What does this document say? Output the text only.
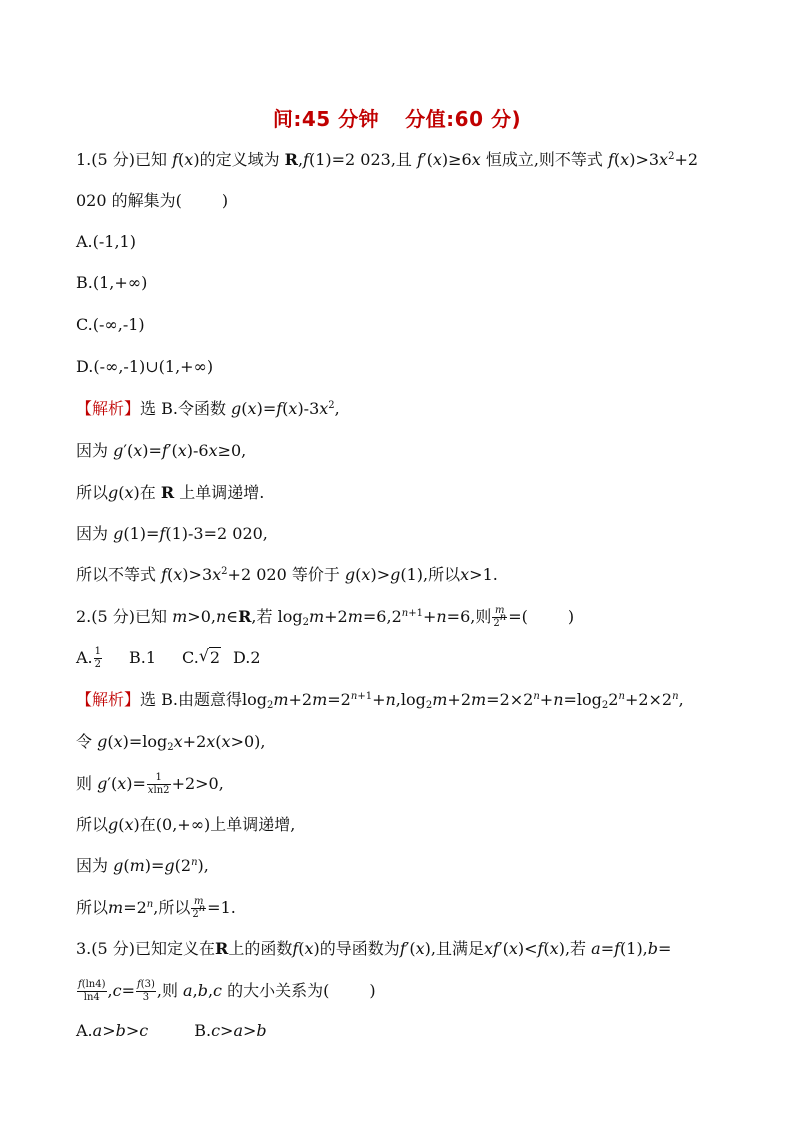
间:45 分钟 分值:60 分)
1.(5 分)已知 f(x)的定义域为 R,f(1)=2 023,且 f′(x)≥6x 恒成立,则不等式 $f(x)>3x^2+2$
020 的解集为(	)
A.(-1,1)
B.(1,+∞)
C.(-∞,-1)
D.(-∞,-1)∪(1,+∞)
【解析】选 B.令函数 $g(x)=f(x)-3x^2$,
因为 g′(x)=f′(x)-6x≥0,
所以g(x)在 R 上单调递增.
因为 g(1)=f(1)-3=2 020,
所以不等式 $f(x)>3x^2+2$ 020 等价于 g(x)>g(1),所以x>1.
2.(5 分)已知 m>0,n∈R,若 $\log_2m+2m=6,2^{n+1}+n=6$,则 $\frac{m}{2^n}$ =(	)
A. $\frac{1}{2} B.1$ C. √ 2 D.2
【解析】选 B.由题意得$\log_2m+2m=2^{n+1}+n,\log_2m+2m=2\times 2^n+n=\log_22^n+2\times 2^n$,
令 $g(x)=\log_2x+2x(x>0)$,
则 $g'(x)= \frac{1}{xln2} +2>0$,
所以g(x)在(0,+∞)上单调递增,
因为 $g(m)=g(2^n)$,
所以$m=2^n$,所以 $\frac{m}{2^n} =1$.
3.(5 分)已知定义在R上的函数f(x)的导函数为f′(x),且满足xf′(x)<f(x),若 a=f(1),b=
$\frac{f(\ln 4)}{\ln 4} ,c= \frac{f(3)}{3}$ ,则 a,b,c 的大小关系为(	)
A.a>b>c	B.c>a>b
